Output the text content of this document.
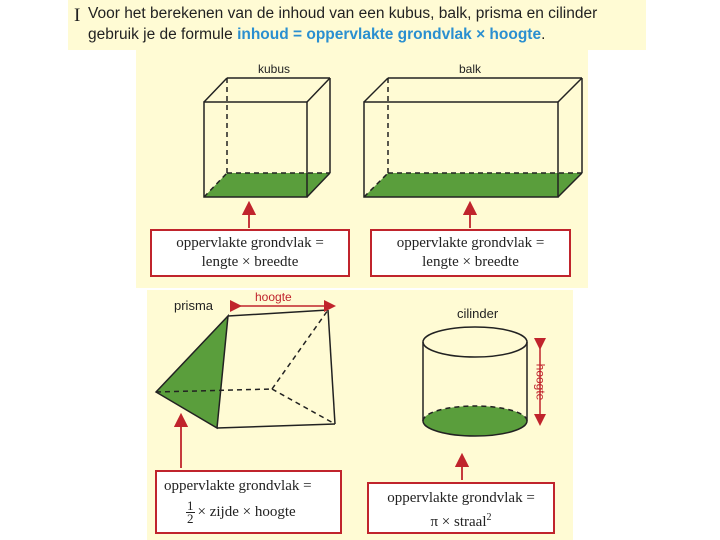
I Voor het berekenen van de inhoud van een kubus, balk, prisma en cilinder
gebruik je de formule inhoud = oppervlakte grondvlak × hoogte.
kubus	balk
prisma
hoogte
cilinder
hoogte
oppervlakte grondvlak =
lengte × breedte
oppervlakte grondvlak =
lengte × breedte
oppervlakte grondvlak =
$\frac{1}{2}$ × zijde × hoogte
oppervlakte grondvlak =
π × straal$^2$
